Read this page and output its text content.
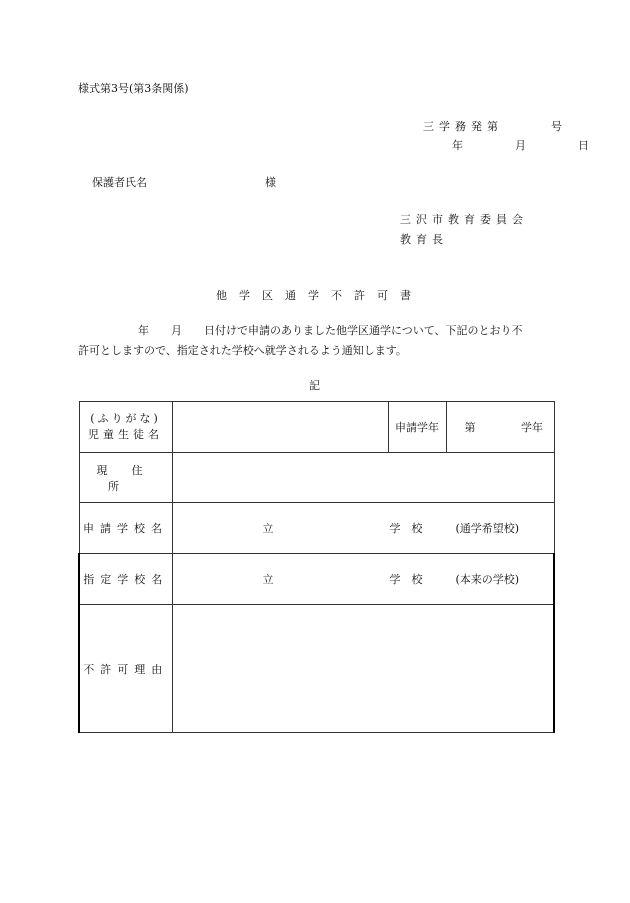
様式第3号(第3条関係)
三学務発第　　　号
年　　月　　日
保護者氏名	様
三沢市教育委員会
教育長
他学区通学不許可書
年　　月　　日付けで申請のありました他学区通学について、下記のとおり不
許可としますので、指定された学校へ就学されるよう通知します。
記
(ふりがな)
児童生徒名		申請学年	第 学年
現住所			
申請学校名	立 学　校 (通学希望校)		

指定学校名	立 学　校 (本来の学校)		

不許可理由			
